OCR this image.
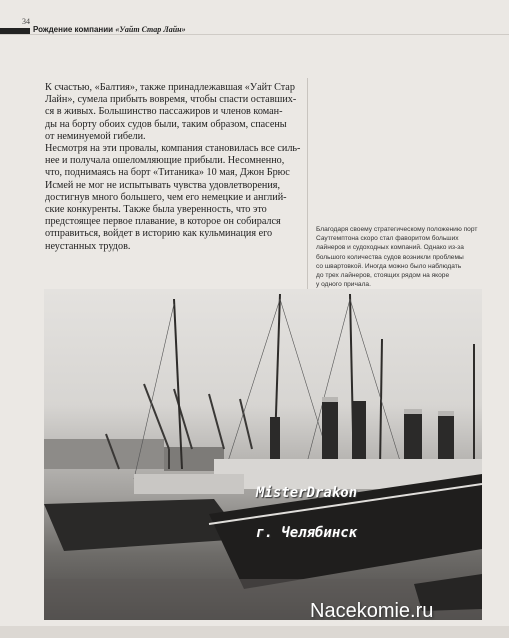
34
Рождение компании «Уайт Стар Лайн»

К счастью, «Балтия», также принадлежавшая «Уайт Стар
Лайн», сумела прибыть вовремя, чтобы спасти оставших-
ся в живых. Большинство пассажиров и членов коман-
ды на борту обоих судов были, таким образом, спасены
от неминуемой гибели.

Несмотря на эти провалы, компания становилась все силь-
нее и получала ошеломляющие прибыли. Несомненно,
что, поднимаясь на борт «Титаника» 10 мая, Джон Брюс
Исмей не мог не испытывать чувства удовлетворения,
достигнув много большего, чем его немецкие и англий-
ские конкуренты. Также была уверенность, что это
предстоящее первое плавание, в которое он собирался
отправиться, войдет в историю как кульминация его
неустанных трудов.

Благодаря своему стратегическому положению порт
Саутгемптона скоро стал фаворитом больших
лайнеров и судоходных компаний. Однако из-за
большого количества судов возникли проблемы
со швартовкой. Иногда можно было наблюдать
до трех лайнеров, стоящих рядом на якоре
у одного причала.
MisterDrakon
г. Челябинск
Nacekomie.ru
